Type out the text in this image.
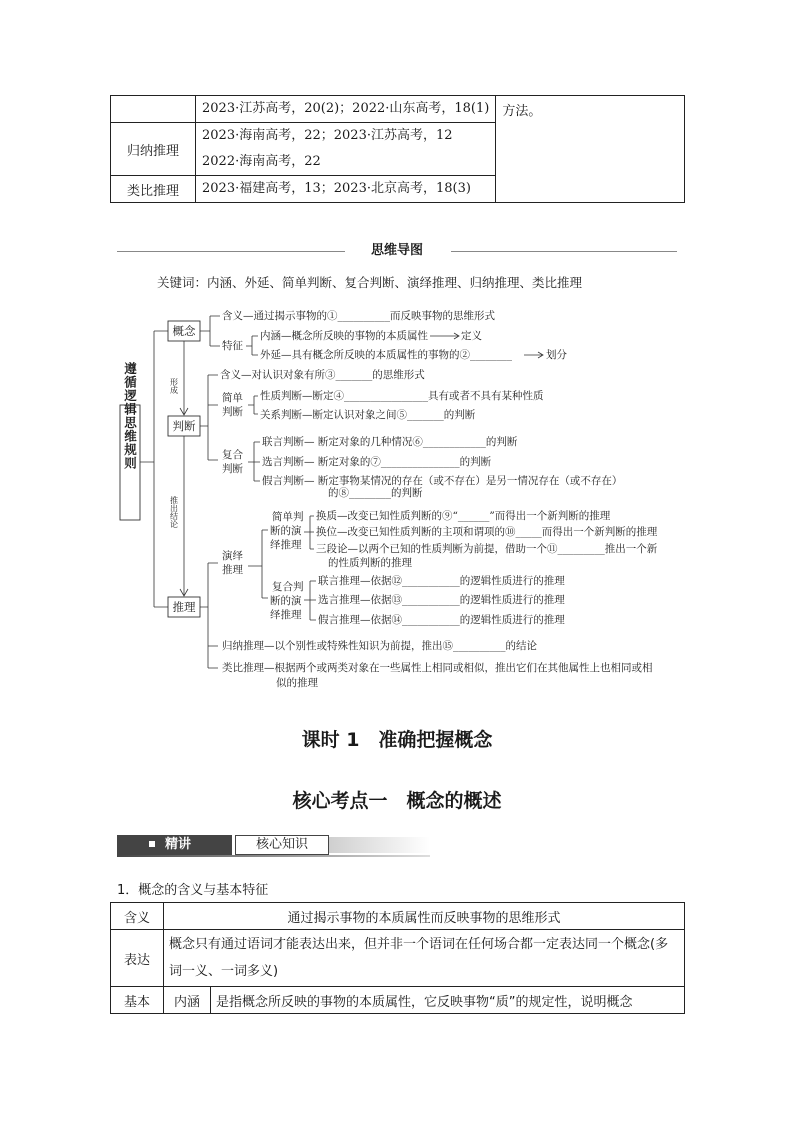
	2023·江苏高考，20(2)；2022·山东高考，18(1)	方法。
归纳推理	2023·海南高考，22；2023·江苏高考，12
2022·海南高考，22	

类比推理	2023·福建高考，13；2023·北京高考，18(3)	
思维导图
关键词：内涵、外延、简单判断、复合判断、演绎推理、归纳推理、类比推理
遵循逻辑思维规则
概念
判断
推理
形成
推出结论
含义—通过揭示事物的①__________而反映事物的思维形式
特征
内涵—概念所反映的事物的本质属性	定义
外延—具有概念所反映的本质属性的事物的②________	划分
含义—对认识对象有所③_______的思维形式
简单判断
性质判断—断定④________________具有或者不具有某种性质
关系判断—断定认识对象之间⑤_______的判断
复合判断
联言判断— 断定对象的几种情况⑥____________的判断
选言判断— 断定对象的⑦_______________的判断
假言判断— 断定事物某情况的存在（或不存在）是另一情况存在（或不存在）
的⑧________的判断
演绎推理
简单判断的演绎推理
换质—改变已知性质判断的⑨“______”而得出一个新判断的推理
换位—改变已知性质判断的主项和谓项的⑩_____而得出一个新判断的推理
三段论—以两个已知的性质判断为前提，借助一个⑪_________推出一个新
的性质判断的推理
复合判断的演绎推理
联言推理—依据⑫___________的逻辑性质进行的推理
选言推理—依据⑬___________的逻辑性质进行的推理
假言推理—依据⑭___________的逻辑性质进行的推理
归纳推理—以个别性或特殊性知识为前提，推出⑮__________的结论
类比推理—根据两个或两类对象在一些属性上相同或相似，推出它们在其他属性上也相同或相
似的推理
课时 1　准确把握概念
核心考点一　概念的概述
精讲	核心知识
1．概念的含义与基本特征
含义	通过揭示事物的本质属性而反映事物的思维形式	
表达	概念只有通过语词才能表达出来，但并非一个语词在任何场合都一定表达同一个概念(多词一义、一词多义)	
基本	内涵	是指概念所反映的事物的本质属性，它反映事物“质”的规定性，说明概念
